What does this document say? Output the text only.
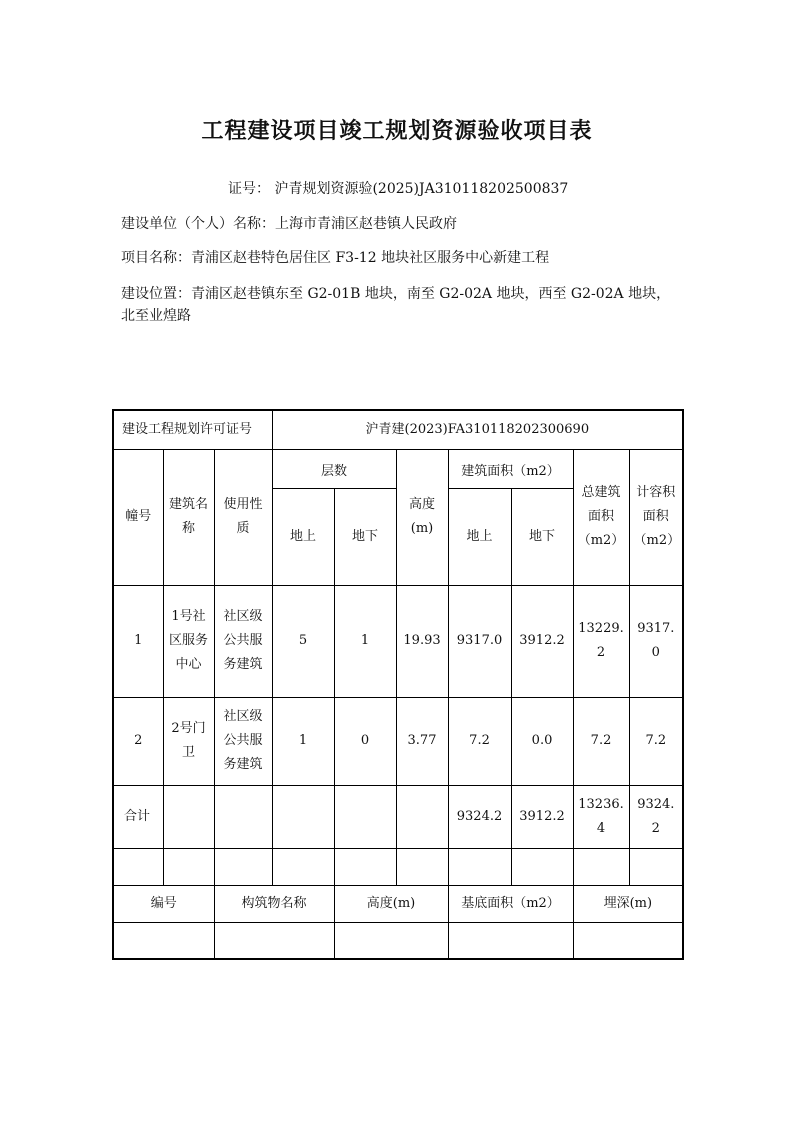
工程建设项目竣工规划资源验收项目表
证号： 沪青规划资源验(2025)JA310118202500837
建设单位（个人）名称：上海市青浦区赵巷镇人民政府
项目名称：青浦区赵巷特色居住区 F3-12 地块社区服务中心新建工程
建设位置：青浦区赵巷镇东至 G2-01B 地块，南至 G2-02A 地块，西至 G2-02A 地块，北至业煌路
建设工程规划许可证号			沪青建(2023)FA310118202300690						
幢号	建筑名称	使用性质	层数		高度(m)	建筑面积（m2）		总建筑面积（m2）	计容积面积（m2）
			地上	地下		地上	地下		
1	1号社区服务中心	社区级公共服务建筑	5	1	19.93	9317.0	3912.2	13229.2	9317.0
2	2号门卫	社区级公共服务建筑	1	0	3.77	7.2	0.0	7.2	7.2
合计						9324.2	3912.2	13236.4	9324.2

编号		构筑物名称		高度(m)		基底面积（m2）		埋深(m)	
